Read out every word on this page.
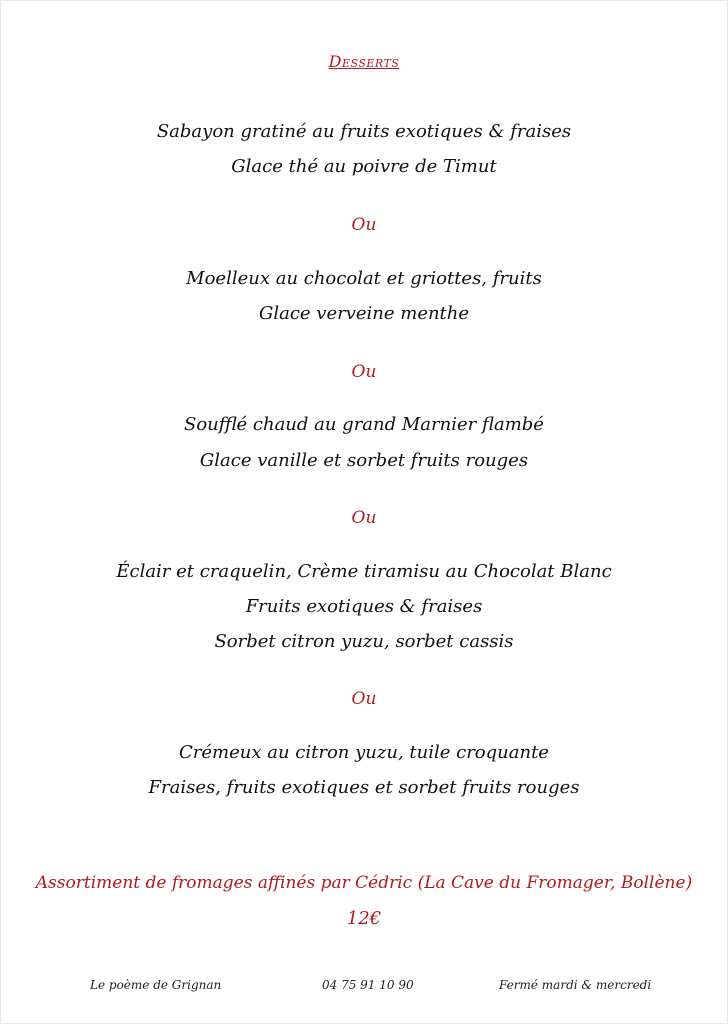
Desserts
Sabayon gratiné au fruits exotiques & fraises
Glace thé au poivre de Timut
Ou
Moelleux au chocolat et griottes, fruits
Glace verveine menthe
Ou
Soufflé chaud au grand Marnier flambé
Glace vanille et sorbet fruits rouges
Ou
Éclair et craquelin, Crème tiramisu au Chocolat Blanc
Fruits exotiques & fraises
Sorbet citron yuzu, sorbet cassis
Ou
Crémeux au citron yuzu, tuile croquante
Fraises, fruits exotiques et sorbet fruits rouges
Assortiment de fromages affinés par Cédric (La Cave du Fromager, Bollène)
12€
Le poème de Grignan	04 75 91 10 90	Fermé mardi & mercredi
